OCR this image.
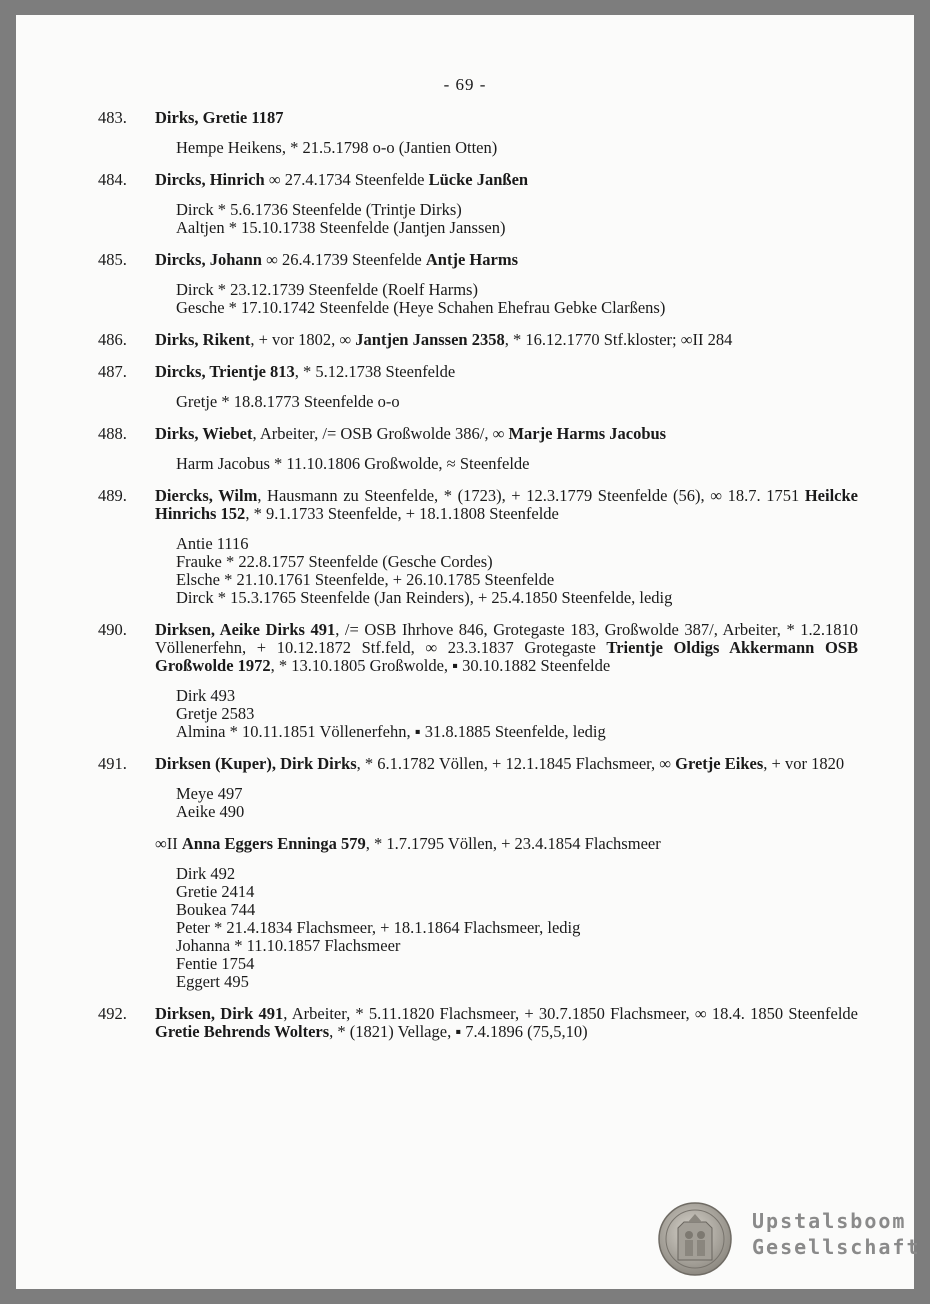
- 69 -
483. Dirks, Gretie 1187
Hempe Heikens, * 21.5.1798 o-o (Jantien Otten)
484. Dircks, Hinrich ∞ 27.4.1734 Steenfelde Lücke Janßen
Dirck * 5.6.1736 Steenfelde (Trintje Dirks)
Aaltjen * 15.10.1738 Steenfelde (Jantjen Janssen)
485. Dircks, Johann ∞ 26.4.1739 Steenfelde Antje Harms
Dirck * 23.12.1739 Steenfelde (Roelf Harms)
Gesche * 17.10.1742 Steenfelde (Heye Schahen Ehefrau Gebke Clarßens)
486. Dirks, Rikent, + vor 1802, ∞ Jantjen Janssen 2358, * 16.12.1770 Stf.kloster; ∞II 284
487. Dircks, Trientje 813, * 5.12.1738 Steenfelde
Gretje * 18.8.1773 Steenfelde o-o
488. Dirks, Wiebet, Arbeiter, /= OSB Großwolde 386/, ∞ Marje Harms Jacobus
Harm Jacobus * 11.10.1806 Großwolde, ≈ Steenfelde
489. Diercks, Wilm, Hausmann zu Steenfelde, * (1723), + 12.3.1779 Steenfelde (56), ∞ 18.7. 1751 Heilcke Hinrichs 152, * 9.1.1733 Steenfelde, + 18.1.1808 Steenfelde
Antie 1116
Frauke * 22.8.1757 Steenfelde (Gesche Cordes)
Elsche * 21.10.1761 Steenfelde, + 26.10.1785 Steenfelde
Dirck * 15.3.1765 Steenfelde (Jan Reinders), + 25.4.1850 Steenfelde, ledig
490. Dirksen, Aeike Dirks 491, /= OSB Ihrhove 846, Grotegaste 183, Großwolde 387/, Arbeiter, * 1.2.1810 Völlenerfehn, + 10.12.1872 Stf.feld, ∞ 23.3.1837 Grotegaste Trientje Oldigs Akkermann OSB Großwolde 1972, * 13.10.1805 Großwolde, ▪ 30.10.1882 Steenfelde
Dirk 493
Gretje 2583
Almina * 10.11.1851 Völlenerfehn, ▪ 31.8.1885 Steenfelde, ledig
491. Dirksen (Kuper), Dirk Dirks, * 6.1.1782 Völlen, + 12.1.1845 Flachsmeer, ∞ Gretje Eikes, + vor 1820
Meye 497
Aeike 490
∞II Anna Eggers Enninga 579, * 1.7.1795 Völlen, + 23.4.1854 Flachsmeer
Dirk 492
Gretie 2414
Boukea 744
Peter * 21.4.1834 Flachsmeer, + 18.1.1864 Flachsmeer, ledig
Johanna * 11.10.1857 Flachsmeer
Fentie 1754
Eggert 495
492. Dirksen, Dirk 491, Arbeiter, * 5.11.1820 Flachsmeer, + 30.7.1850 Flachsmeer, ∞ 18.4. 1850 Steenfelde Gretie Behrends Wolters, * (1821) Vellage, ▪ 7.4.1896 (75,5,10)
Upstalsboom
Gesellschaft
